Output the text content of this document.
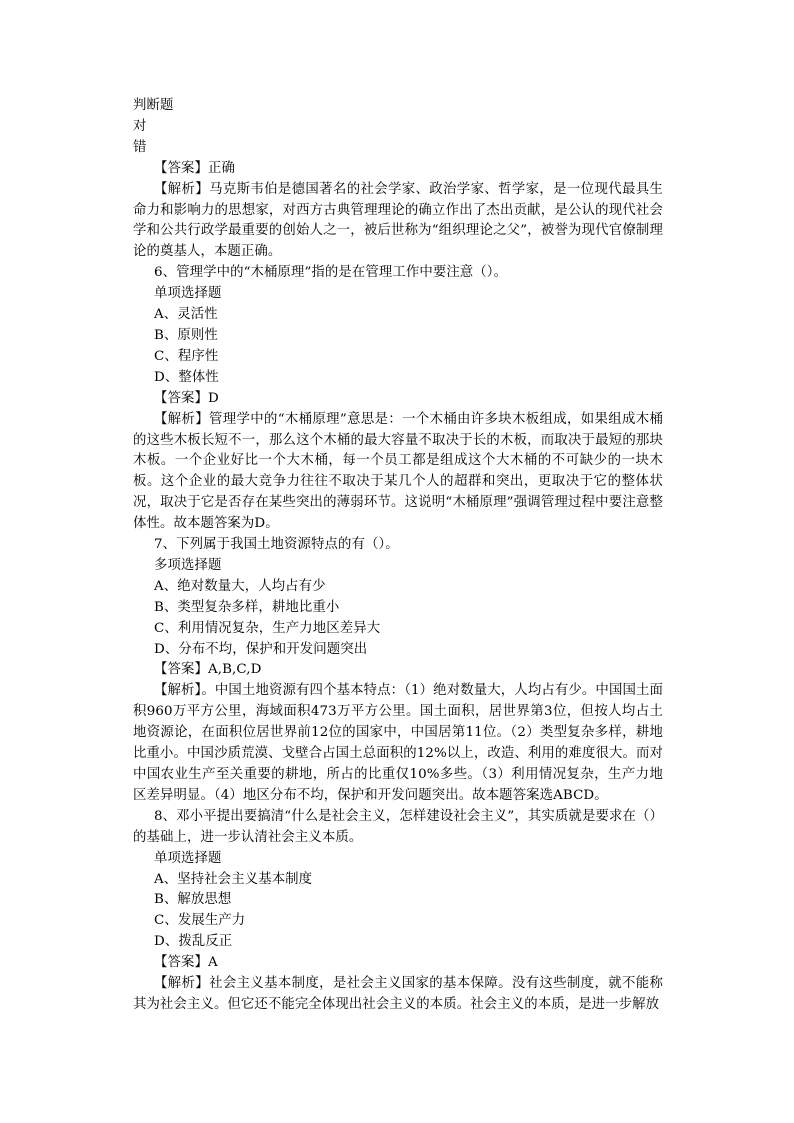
判断题
对
错
【答案】正确
【解析】马克斯韦伯是德国著名的社会学家、政治学家、哲学家，是一位现代最具生命力和影响力的思想家，对西方古典管理理论的确立作出了杰出贡献，是公认的现代社会学和公共行政学最重要的创始人之一，被后世称为“组织理论之父”，被誉为现代官僚制理论的奠基人，本题正确。
6、管理学中的“木桶原理”指的是在管理工作中要注意（）。
单项选择题
A、灵活性
B、原则性
C、程序性
D、整体性
【答案】D
【解析】管理学中的“木桶原理”意思是：一个木桶由许多块木板组成，如果组成木桶的这些木板长短不一，那么这个木桶的最大容量不取决于长的木板，而取决于最短的那块木板。一个企业好比一个大木桶，每一个员工都是组成这个大木桶的不可缺少的一块木板。这个企业的最大竞争力往往不取决于某几个人的超群和突出，更取决于它的整体状况，取决于它是否存在某些突出的薄弱环节。这说明“木桶原理”强调管理过程中要注意整体性。故本题答案为D。
7、下列属于我国土地资源特点的有（）。
多项选择题
A、绝对数量大，人均占有少
B、类型复杂多样，耕地比重小
C、利用情况复杂，生产力地区差异大
D、分布不均，保护和开发问题突出
【答案】A,B,C,D
【解析】。中国土地资源有四个基本特点：（1）绝对数量大，人均占有少。中国国土面积960万平方公里，海域面积473万平方公里。国土面积，居世界第3位，但按人均占土地资源论，在面积位居世界前12位的国家中，中国居第11位。（2）类型复杂多样，耕地比重小。中国沙质荒漠、戈壁合占国土总面积的12%以上，改造、利用的难度很大。而对中国农业生产至关重要的耕地，所占的比重仅10%多些。（3）利用情况复杂，生产力地区差异明显。（4）地区分布不均，保护和开发问题突出。故本题答案选ABCD。
8、邓小平提出要搞清“什么是社会主义，怎样建设社会主义”，其实质就是要求在（）的基础上，进一步认清社会主义本质。
单项选择题
A、坚持社会主义基本制度
B、解放思想
C、发展生产力
D、拨乱反正
【答案】A
【解析】社会主义基本制度，是社会主义国家的基本保障。没有这些制度，就不能称其为社会主义。但它还不能完全体现出社会主义的本质。社会主义的本质，是进一步解放
